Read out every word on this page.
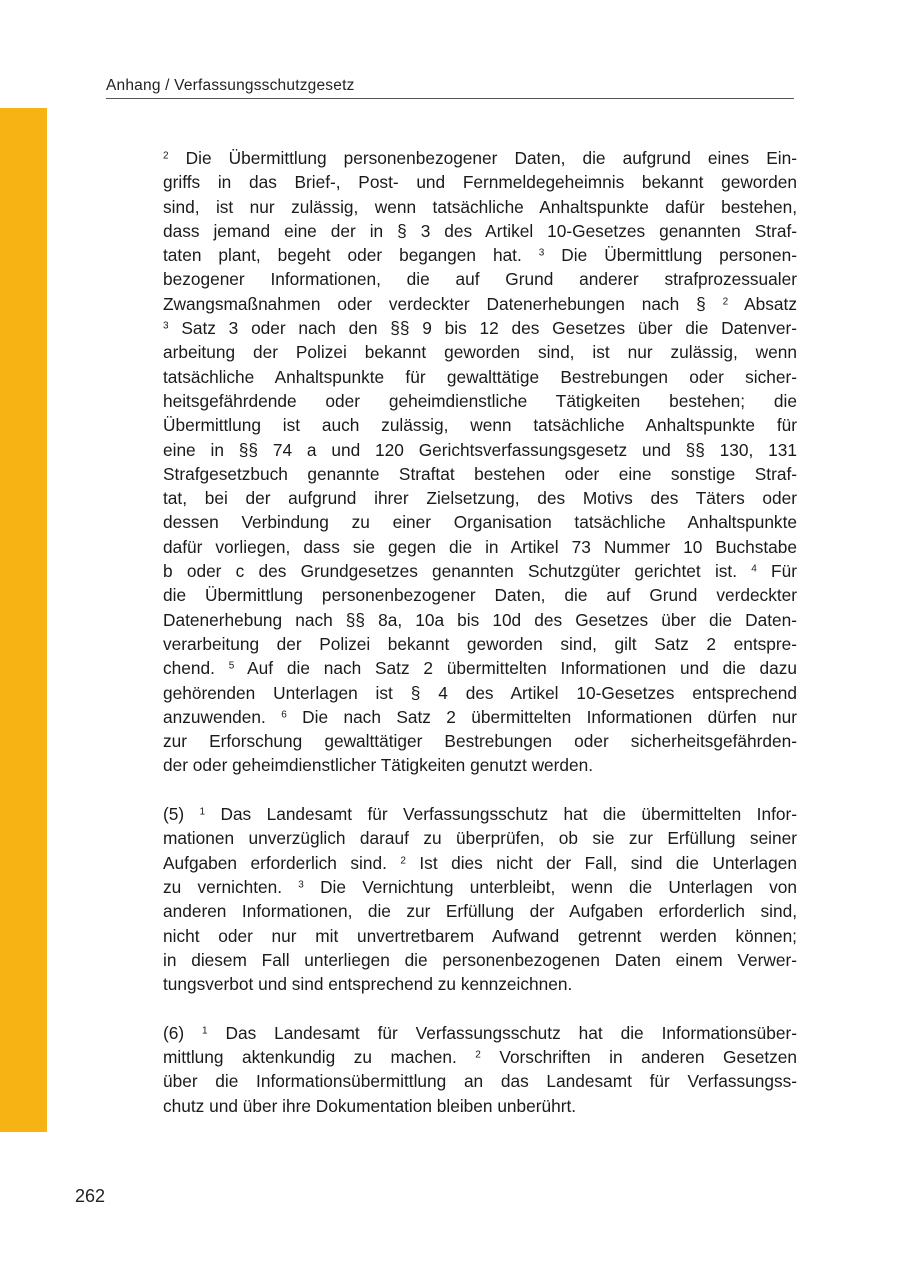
Anhang / Verfassungsschutzgesetz
$^2$ Die Übermittlung personenbezogener Daten, die aufgrund eines Ein-
griffs in das Brief-, Post- und Fernmeldegeheimnis bekannt geworden
sind, ist nur zulässig, wenn tatsächliche Anhaltspunkte dafür bestehen,
dass jemand eine der in § 3 des Artikel 10-Gesetzes genannten Straf-
taten plant, begeht oder begangen hat. $^3$ Die Übermittlung personen-
bezogener Informationen, die auf Grund anderer strafprozessualer
Zwangsmaßnahmen oder verdeckter Datenerhebungen nach § $^2$ Absatz
$^3$ Satz 3 oder nach den §§ 9 bis 12 des Gesetzes über die Datenver-
arbeitung der Polizei bekannt geworden sind, ist nur zulässig, wenn
tatsächliche Anhaltspunkte für gewalttätige Bestrebungen oder sicher-
heitsgefährdende oder geheimdienstliche Tätigkeiten bestehen; die
Übermittlung ist auch zulässig, wenn tatsächliche Anhaltspunkte für
eine in §§ 74 a und 120 Gerichtsverfassungsgesetz und §§ 130, 131
Strafgesetzbuch genannte Straftat bestehen oder eine sonstige Straf-
tat, bei der aufgrund ihrer Zielsetzung, des Motivs des Täters oder
dessen Verbindung zu einer Organisation tatsächliche Anhaltspunkte
dafür vorliegen, dass sie gegen die in Artikel 73 Nummer 10 Buchstabe
b oder c des Grundgesetzes genannten Schutzgüter gerichtet ist. $^4$ Für
die Übermittlung personenbezogener Daten, die auf Grund verdeckter
Datenerhebung nach §§ 8a, 10a bis 10d des Gesetzes über die Daten-
verarbeitung der Polizei bekannt geworden sind, gilt Satz 2 entspre-
chend. $^5$ Auf die nach Satz 2 übermittelten Informationen und die dazu
gehörenden Unterlagen ist § 4 des Artikel 10-Gesetzes entsprechend
anzuwenden. $^6$ Die nach Satz 2 übermittelten Informationen dürfen nur
zur Erforschung gewalttätiger Bestrebungen oder sicherheitsgefährden-
der oder geheimdienstlicher Tätigkeiten genutzt werden.
(5) $^1$ Das Landesamt für Verfassungsschutz hat die übermittelten Infor-
mationen unverzüglich darauf zu überprüfen, ob sie zur Erfüllung seiner
Aufgaben erforderlich sind. $^2$ Ist dies nicht der Fall, sind die Unterlagen
zu vernichten. $^3$ Die Vernichtung unterbleibt, wenn die Unterlagen von
anderen Informationen, die zur Erfüllung der Aufgaben erforderlich sind,
nicht oder nur mit unvertretbarem Aufwand getrennt werden können;
in diesem Fall unterliegen die personenbezogenen Daten einem Verwer-
tungsverbot und sind entsprechend zu kennzeichnen.
(6) $^1$ Das Landesamt für Verfassungsschutz hat die Informationsüber-
mittlung aktenkundig zu machen. $^2$ Vorschriften in anderen Gesetzen
über die Informationsübermittlung an das Landesamt für Verfassungss-
chutz und über ihre Dokumentation bleiben unberührt.
262
